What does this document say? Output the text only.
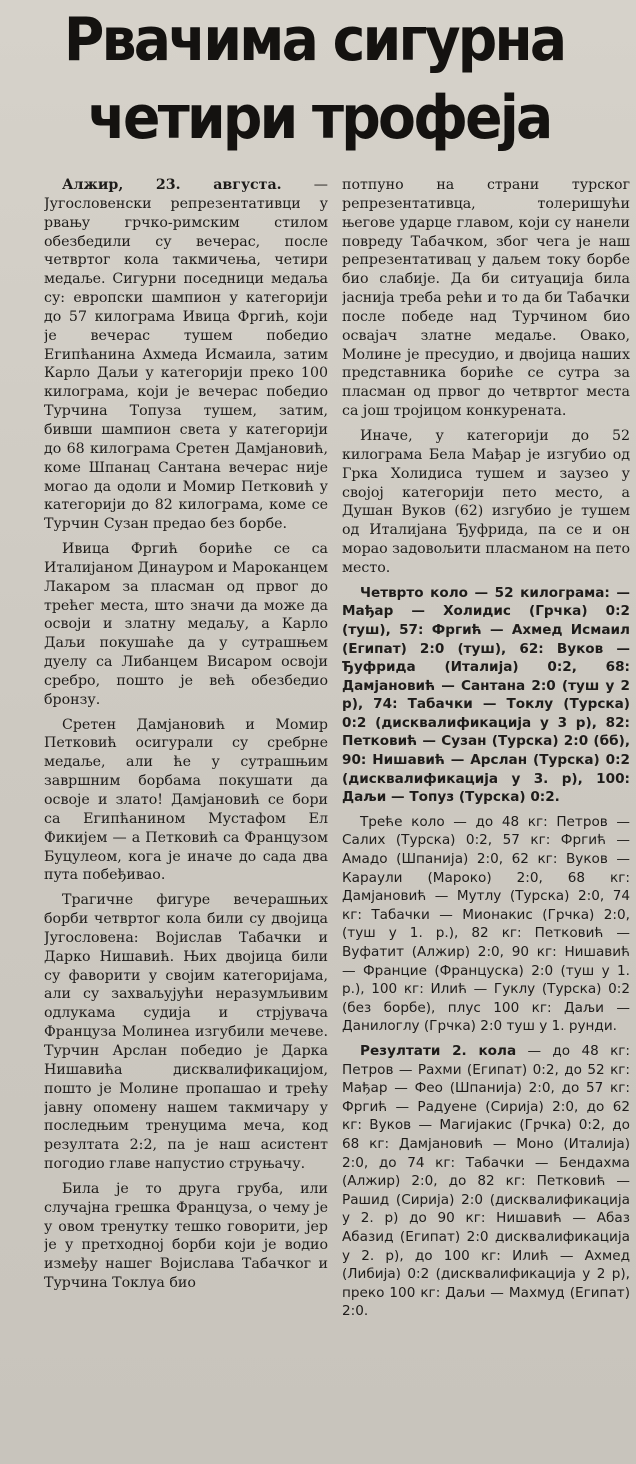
Рвачима сигурна
четири трофеја

Алжир, 23. августа. — Југословенски репрезентативци у рвању грчко-римским стилом обезбедили су вечерас, после четвртог кола такмичења, четири медаље. Сигурни поседници медаља су: европски шампион у категорији до 57 килограма Ивица Фргић, који је вечерас тушем победио Египћанина Ахмеда Исмаила, затим Карло Даљи у категорији преко 100 килограма, који је вечерас победио Турчина Топуза тушем, затим, бивши шампион света у категорији до 68 килограма Сретен Дамјановић, коме Шпанац Сантана вечерас није могао да одоли и Момир Петковић у категорији до 82 килограма, коме се Турчин Сузан предао без борбе.

Ивица Фргић бориће се са Италијаном Динауром и Мароканцем Лакаром за пласман од првог до трећег места, што значи да може да освоји и златну медаљу, а Карло Даљи покушаће да у сутрашњем дуелу са Либанцем Висаром освоји сребро, пошто је већ обезбедио бронзу.

Сретен Дамјановић и Момир Петковић осигурали су сребрне медаље, али ће у сутрашњим завршним борбама покушати да освоје и злато! Дамјановић се бори са Египћанином Мустафом Ел Фикијем — а Петковић са Французом Буцулеом, кога је иначе до сада два пута побеђивао.

Трагичне фигуре вечерашњих борби четвртог кола били су двојица Југословена: Војислав Табачки и Дарко Нишавић. Њих двојица били су фаворити у својим категоријама, али су захваљујући неразумљивим одлукама судија и стрјувача Француза Молинеа изгубили мечеве. Турчин Арслан победио је Дарка Нишавића дисквалификацијом, пошто је Молине пропашао и трећу јавну опомену нашем такмичару у последњим тренуцима меча, код резултата 2:2, па је наш асистент погодио главе напустио струњачу.

Била је то друга груба, или случајна грешка Француза, о чему је у овом тренутку тешко говорити, јер је у претходној борби који је водио између нашег Војислава Табачког и Турчина Токлуа био

потпуно на страни турског репрезентативца, толеришући његове ударце главом, који су нанели повреду Табачком, због чега је наш репрезентативац у даљем току борбе био слабије. Да би ситуација била јаснија треба рећи и то да би Табачки после победе над Турчином био освајач златне медаље. Овако, Молине је пресудио, и двојица наших представника бориће се сутра за пласман од првог до четвртог места са још тројицом конкурената.

Иначе, у категорији до 52 килограма Бела Мађар је изгубио од Грка Холидиса тушем и заузео у својој категорији пето место, а Душан Вуков (62) изгубио је тушем од Италијана Ђуфрида, па се и он морао задовољити пласманом на пето место.

Четврто коло — 52 килограма: — Мађар — Холидис (Грчка) 0:2 (туш), 57: Фргић — Ахмед Исмаил (Египат) 2:0 (туш), 62: Вуков — Ђуфрида (Италија) 0:2, 68: Дамјановић — Сантана 2:0 (туш у 2 р), 74: Табачки — Токлу (Турска) 0:2 (дисквалификација у 3 р), 82: Петковић — Сузан (Турска) 2:0 (бб), 90: Нишавић — Арслан (Турска) 0:2 (дисквалификација у 3. р), 100: Даљи — Топуз (Турска) 0:2.

Треће коло — до 48 кг: Петров — Салих (Турска) 0:2, 57 кг: Фргић — Амадо (Шпанија) 2:0, 62 кг: Вуков — Караули (Мароко) 2:0, 68 кг: Дамјановић — Мутлу (Турска) 2:0, 74 кг: Табачки — Мионакис (Грчка) 2:0, (туш у 1. р.), 82 кг: Петковић — Вуфатит (Алжир) 2:0, 90 кг: Нишавић — Францие (Француска) 2:0 (туш у 1. р.), 100 кг: Илић — Гуклу (Турска) 0:2 (без борбе), плус 100 кг: Даљи — Данилоглу (Грчка) 2:0 туш у 1. рунди.

Резултати 2. кола — до 48 кг: Петров — Рахми (Египат) 0:2, до 52 кг: Мађар — Фео (Шпанија) 2:0, до 57 кг: Фргић — Радуене (Сирија) 2:0, до 62 кг: Вуков — Магијакис (Грчка) 0:2, до 68 кг: Дамјановић — Моно (Италија) 2:0, до 74 кг: Табачки — Бендахма (Алжир) 2:0, до 82 кг: Петковић — Рашид (Сирија) 2:0 (дисквалификација у 2. р) до 90 кг: Нишавић — Абаз Абазид (Египат) 2:0 дисквалификација у 2. р), до 100 кг: Илић — Ахмед (Либија) 0:2 (дисквалификација у 2 р), преко 100 кг: Даљи — Махмуд (Египат) 2:0.
